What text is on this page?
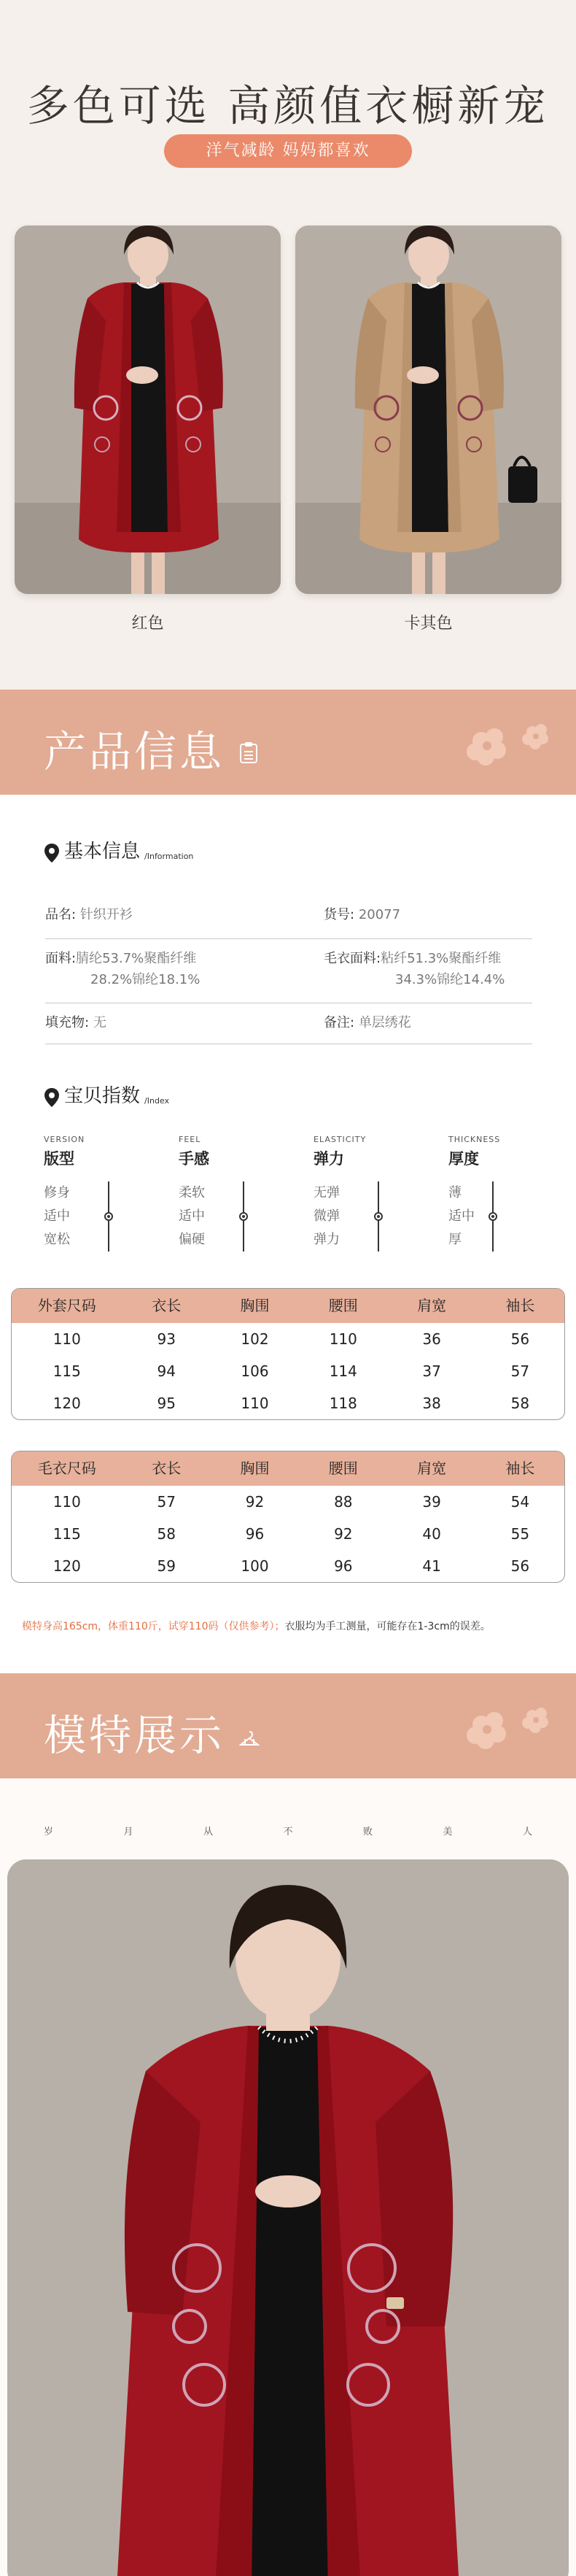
多色可选 高颜值衣橱新宠
洋气减龄 妈妈都喜欢
红色	卡其色
产品信息
基本信息 /Information
品名: 针织开衫	货号: 20077
面料:腈纶53.7%聚酯纤维
28.2%锦纶18.1%
毛衣面料:粘纤51.3%聚酯纤维
34.3%锦纶14.4%
填充物: 无	备注: 单层绣花
宝贝指数 /Index
VERSION
版型
修身
适中
宽松
FEEL
手感
柔软
适中
偏硬
ELASTICITY
弹力
无弹
微弹
弹力
THICKNESS
厚度
薄
适中
厚
外套尺码	衣长	胸围	腰围	肩宽	袖长
110	93	102	110	36	56
115	94	106	114	37	57
120	95	110	118	38	58
毛衣尺码	衣长	胸围	腰围	肩宽	袖长
110	57	92	88	39	54
115	58	96	92	40	55
120	59	100	96	41	56
模特身高165cm，体重110斤，试穿110码（仅供参考）；衣服均为手工测量，可能存在1-3cm的误差。
模特展示
岁	月	从	不	败	美	人
